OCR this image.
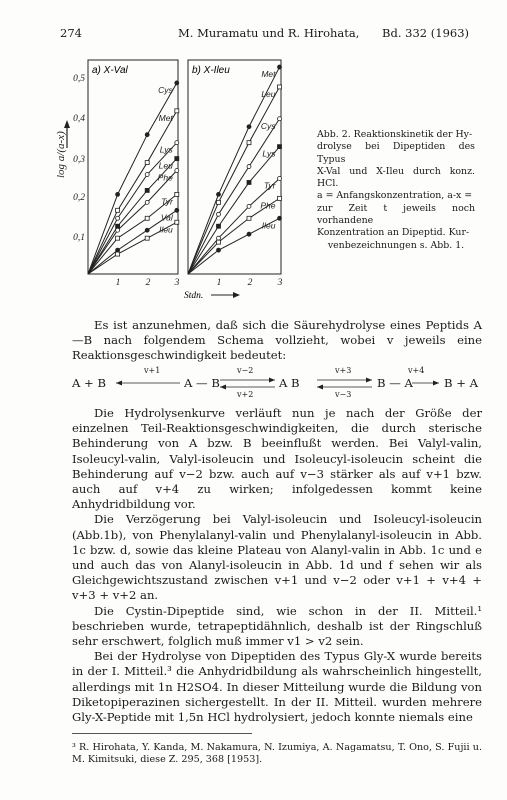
274	M. Muramatu und R. Hirohata, Bd. 332 (1963)
log a/(a-x)
a) X-Val	b) X-Ileu
0,5
0,4
0,3
0,2
0,1
1	2	3	1	2	3
Stdn.
Cys
Met
Lys
Leu
Phe
Tyr
Val
Ileu
Met
Leu
Cys
Lys
Tyr
Phe
Ileu

Abb. 2. Reaktionskinetik der Hy-

drolyse bei Dipeptiden des Typus

X-Val und X-Ileu durch konz. HCl.

a = Anfangskonzentration, a-x =

zur Zeit t jeweils noch vorhandene

Konzentration an Dipeptid. Kur-

venbezeichnungen s. Abb. 1.

Es ist anzunehmen, daß sich die Säurehydrolyse eines Peptids A—B nach folgendem Schema vollzieht, wobei v jeweils eine Reaktionsgeschwindigkeit bedeutet:

A + B	A — B	A B	B — A	B + A
v+1	v−2
v+2
v+3
v−3
v+4

Die Hydrolysenkurve verläuft nun je nach der Größe der einzelnen Teil-Reaktionsgeschwindigkeiten, die durch sterische Behinderung von A bzw. B beeinflußt werden. Bei Valyl-valin, Isoleucyl-valin, Valyl-isoleucin und Isoleucyl-isoleucin scheint die Behinderung auf v−2 bzw. auch auf v−3 stärker als auf v+1 bzw. auch auf v+4 zu wirken; infolgedessen kommt keine Anhydridbildung vor.

Die Verzögerung bei Valyl-isoleucin und Isoleucyl-isoleucin (Abb.1b), von Phenylalanyl-valin und Phenylalanyl-isoleucin in Abb. 1c bzw. d, sowie das kleine Plateau von Alanyl-valin in Abb. 1c und e und auch das von Alanyl-isoleucin in Abb. 1d und f sehen wir als Gleichgewichtszustand zwischen v+1 und v−2 oder v+1 + v+4 + v+3 + v+2 an.

Die Cystin-Dipeptide sind, wie schon in der II. Mitteil.¹ beschrieben wurde, tetrapeptidähnlich, deshalb ist der Ringschluß sehr erschwert, folglich muß immer v1 > v2 sein.

Bei der Hydrolyse von Dipeptiden des Typus Gly-X wurde bereits in der I. Mitteil.³ die Anhydridbildung als wahrscheinlich hingestellt, allerdings mit 1n H2SO4. In dieser Mitteilung wurde die Bildung von Diketopiperazinen sichergestellt. In der II. Mitteil. wurden mehrere Gly-X-Peptide mit 1,5n HCl hydrolysiert, jedoch konnte niemals eine

³ R. Hirohata, Y. Kanda, M. Nakamura, N. Izumiya, A. Nagamatsu, T. Ono, S. Fujii u. M. Kimitsuki, diese Z. 295, 368 [1953].
